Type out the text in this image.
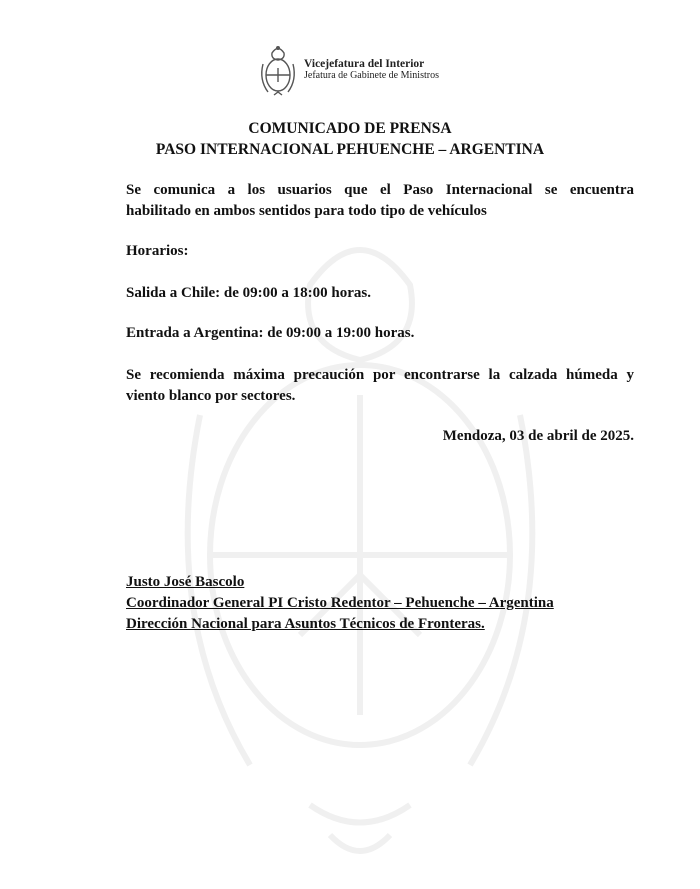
Vicejefatura del Interior
Jefatura de Gabinete de Ministros
COMUNICADO DE PRENSA
PASO INTERNACIONAL PEHUENCHE – ARGENTINA
Se comunica a los usuarios que el Paso Internacional se encuentra
habilitado en ambos sentidos para todo tipo de vehículos
Horarios:
Salida a Chile: de 09:00 a 18:00 horas.
Entrada a Argentina: de 09:00 a 19:00 horas.
Se recomienda máxima precaución por encontrarse la calzada húmeda y
viento blanco por sectores.
Mendoza, 03 de abril de 2025.
Justo José Bascolo
Coordinador General PI Cristo Redentor – Pehuenche – Argentina
Dirección Nacional para Asuntos Técnicos de Fronteras.
